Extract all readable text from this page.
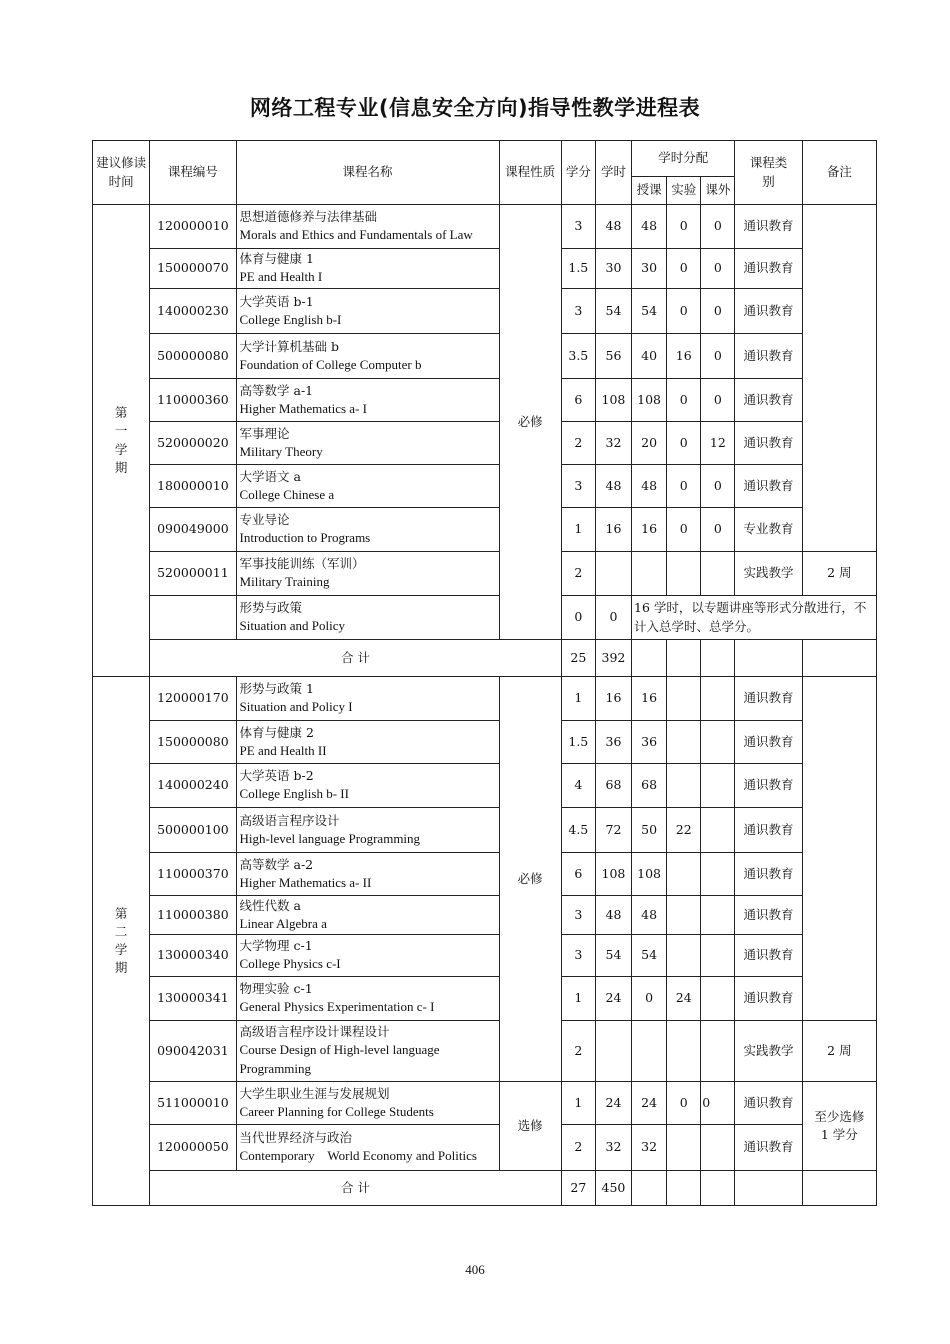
网络工程专业(信息安全方向)指导性教学进程表
建议修读时间	课程编号	课程名称	课程性质	学分	学时	学时分配			课程类别	备注
						授课	实验	课外		

第
一
学
期	120000010	思想道德修养与法律基础
Morals and Ethics and Fundamentals of Law	必修	3	48	48	0	0	通识教育	
	150000070	体育与健康 1
PE and Health I		1.5	30	30	0	0	通识教育	
	140000230	大学英语 b-1
College English b-I		3	54	54	0	0	通识教育	
	500000080	大学计算机基础 b
Foundation of College Computer b		3.5	56	40	16	0	通识教育	
	110000360	高等数学 a-1
Higher Mathematics a- I		6	108	108	0	0	通识教育	
	520000020	军事理论
Military Theory		2	32	20	0	12	通识教育	
	180000010	大学语文 a
College Chinese a		3	48	48	0	0	通识教育	
	090049000	专业导论
Introduction to Programs		1	16	16	0	0	专业教育	
	520000011	军事技能训练（军训）
Military Training		2					实践教学	2 周

		形势与政策
Situation and Policy		0	0	16 学时，以专题讲座等形式分散进行，不计入总学时、总学分。				
	合 计			25	392					

第
二
学
期	120000170	形势与政策 1
Situation and Policy I	必修	1	16	16			通识教育	
	150000080	体育与健康 2
PE and Health II		1.5	36	36			通识教育	
	140000240	大学英语 b-2
College English b- II		4	68	68			通识教育	
	500000100	高级语言程序设计
High-level language Programming		4.5	72	50	22		通识教育	
	110000370	高等数学 a-2
Higher Mathematics a- II		6	108	108			通识教育	
	110000380	线性代数 a
Linear Algebra a		3	48	48			通识教育	
	130000340	大学物理 c-1
College Physics c-I		3	54	54			通识教育	
	130000341	物理实验 c-1
General Physics Experimentation c- I		1	24	0	24		通识教育	
	090042031	高级语言程序设计课程设计
Course Design of High-level language
Programming		2					实践教学	2 周
	511000010	大学生职业生涯与发展规划
Career Planning for College Students	选修	1	24	24	0	0	通识教育	至少选修 1 学分
	120000050	当代世界经济与政治
Contemporary    World Economy and Politics		2	32	32			通识教育	
	合 计			27	450					
406
